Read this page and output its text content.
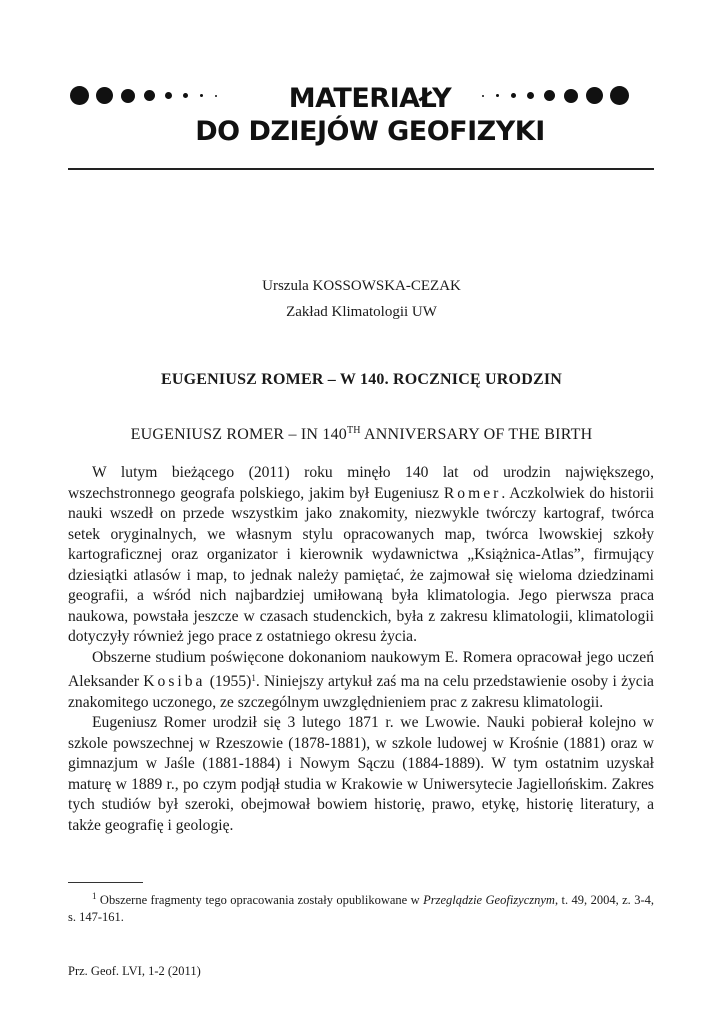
MATERIAŁY
DO DZIEJÓW GEOFIZYKI
Urszula KOSSOWSKA-CEZAK
Zakład Klimatologii UW
EUGENIUSZ ROMER – W 140. ROCZNICĘ URODZIN
EUGENIUSZ ROMER – IN 140TH ANNIVERSARY OF THE BIRTH

W lutym bieżącego (2011) roku minęło 140 lat od urodzin największego, wszechstronnego geografa polskiego, jakim był Eugeniusz Romer. Aczkolwiek do historii nauki wszedł on przede wszystkim jako znakomity, niezwykle twórczy kartograf, twórca setek oryginalnych, we własnym stylu opracowanych map, twórca lwowskiej szkoły kartograficznej oraz organizator i kierownik wydawnictwa „Książnica-Atlas”, firmujący dziesiątki atlasów i map, to jednak należy pamiętać, że zajmował się wieloma dziedzinami geografii, a wśród nich najbardziej umiłowaną była klimatologia. Jego pierwsza praca naukowa, powstała jeszcze w czasach studenckich, była z zakresu klimatologii, klimatologii dotyczyły również jego prace z ostatniego okresu życia.

Obszerne studium poświęcone dokonaniom naukowym E. Romera opracował jego uczeń Aleksander Kosiba $(1955)^1$. Niniejszy artykuł zaś ma na celu przedstawienie osoby i życia znakomitego uczonego, ze szczególnym uwzględnieniem prac z zakresu klimatologii.

Eugeniusz Romer urodził się 3 lutego 1871 r. we Lwowie. Nauki pobierał kolejno w szkole powszechnej w Rzeszowie (1878-1881), w szkole ludowej w Krośnie (1881) oraz w gimnazjum w Jaśle (1881-1884) i Nowym Sączu (1884-1889). W tym ostatnim uzyskał maturę w 1889 r., po czym podjął studia w Krakowie w Uniwersytecie Jagiellońskim. Zakres tych studiów był szeroki, obejmował bowiem historię, prawo, etykę, historię literatury, a także geografię i geologię.

$^1$ Obszerne fragmenty tego opracowania zostały opublikowane w Przeglądzie Geofizycznym, t. 49, 2004, z. 3-4, s. 147-161.
Prz. Geof. LVI, 1-2 (2011)
